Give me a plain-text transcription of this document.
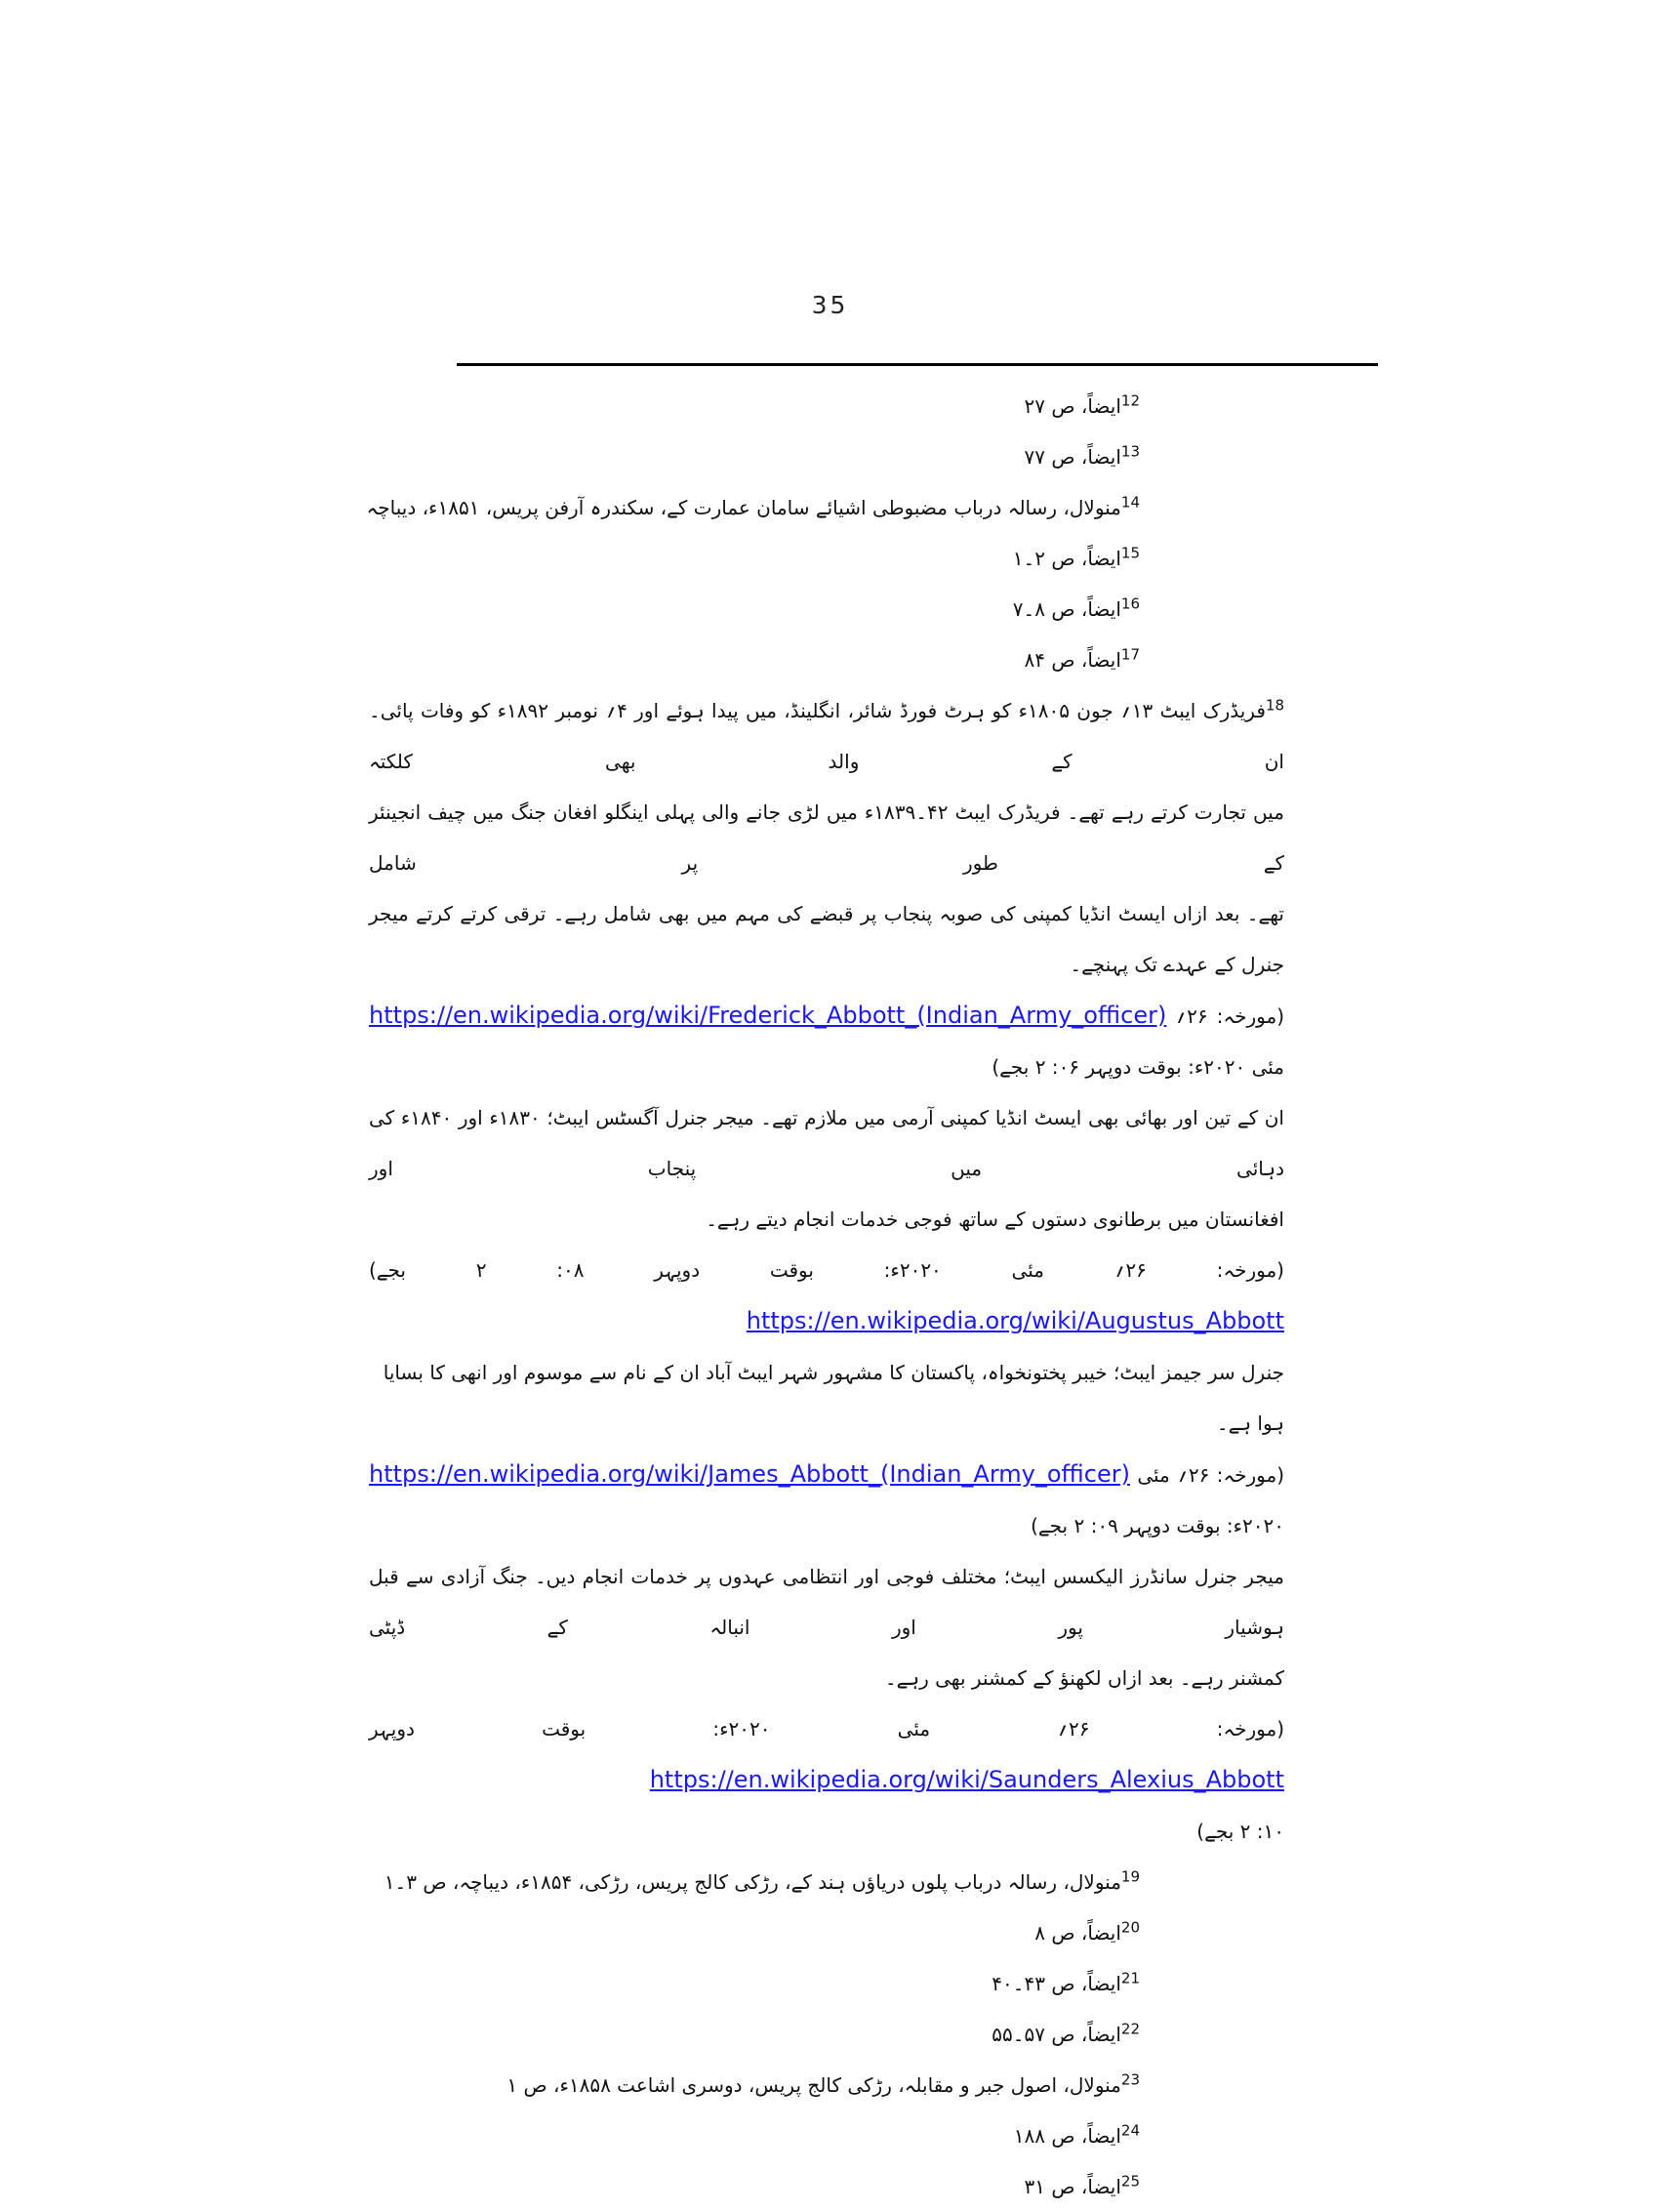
35
$^{12}$ایضاً، ص ۲۷
$^{13}$ایضاً، ص ۷۷
$^{14}$منولال، رسالہ درباب مضبوطی اشیائے سامان عمارت کے، سکندرہ آرفن پریس، ۱۸۵۱ء، دیباچہ
$^{15}$ایضاً، ص ۲۔۱
$^{16}$ایضاً، ص ۸۔۷
$^{17}$ایضاً، ص ۸۴
$^{18}$فریڈرک ایبٹ ۱۳؍ جون ۱۸۰۵ء کو ہرٹ فورڈ شائر، انگلینڈ، میں پیدا ہوئے اور ۴؍ نومبر ۱۸۹۲ء کو وفات پائی۔ ان کے والد بھی کلکتہ
میں تجارت کرتے رہے تھے۔ فریڈرک ایبٹ ۴۲۔۱۸۳۹ء میں لڑی جانے والی پہلی اینگلو افغان جنگ میں چیف انجینئر کے طور پر شامل
تھے۔ بعد ازاں ایسٹ انڈیا کمپنی کی صوبہ پنجاب پر قبضے کی مہم میں بھی شامل رہے۔ ترقی کرتے کرتے میجر جنرل کے عہدے تک پہنچے۔
(مورخہ: ۲۶؍ https://en.wikipedia.org/wiki/Frederick_Abbott_(Indian_Army_officer)
مئی ۲۰۲۰ء: بوقت دوپہر ۰۶: ۲ بجے)
ان کے تین اور بھائی بھی ایسٹ انڈیا کمپنی آرمی میں ملازم تھے۔ میجر جنرل آگسٹس ایبٹ؛ ۱۸۳۰ء اور ۱۸۴۰ء کی دہائی میں پنجاب اور
افغانستان میں برطانوی دستوں کے ساتھ فوجی خدمات انجام دیتے رہے۔
(مورخہ: ۲۶؍ مئی ۲۰۲۰ء: بوقت دوپہر ۰۸: ۲ بجے) https://en.wikipedia.org/wiki/Augustus_Abbott
جنرل سر جیمز ایبٹ؛ خیبر پختونخواہ، پاکستان کا مشہور شہر ایبٹ آباد ان کے نام سے موسوم اور انھی کا بسایا ہوا ہے۔
(مورخہ: ۲۶؍ مئی https://en.wikipedia.org/wiki/James_Abbott_(Indian_Army_officer)
۲۰۲۰ء: بوقت دوپہر ۰۹: ۲ بجے)
میجر جنرل سانڈرز الیکسس ایبٹ؛ مختلف فوجی اور انتظامی عہدوں پر خدمات انجام دیں۔ جنگ آزادی سے قبل ہوشیار پور اور انبالہ کے ڈپٹی
کمشنر رہے۔ بعد ازاں لکھنؤ کے کمشنر بھی رہے۔
(مورخہ: ۲۶؍ مئی ۲۰۲۰ء: بوقت دوپہر https://en.wikipedia.org/wiki/Saunders_Alexius_Abbott
۱۰: ۲ بجے)
$^{19}$منولال، رسالہ درباب پلوں دریاؤں ہند کے، رڑکی کالج پریس، رڑکی، ۱۸۵۴ء، دیباچہ، ص ۳۔۱
$^{20}$ایضاً، ص ۸
$^{21}$ایضاً، ص ۴۳۔۴۰
$^{22}$ایضاً، ص ۵۷۔۵۵
$^{23}$منولال، اصول جبر و مقابلہ، رڑکی کالج پریس، دوسری اشاعت ۱۸۵۸ء، ص ۱
$^{24}$ایضاً، ص ۱۸۸
$^{25}$ایضاً، ص ۳۱
